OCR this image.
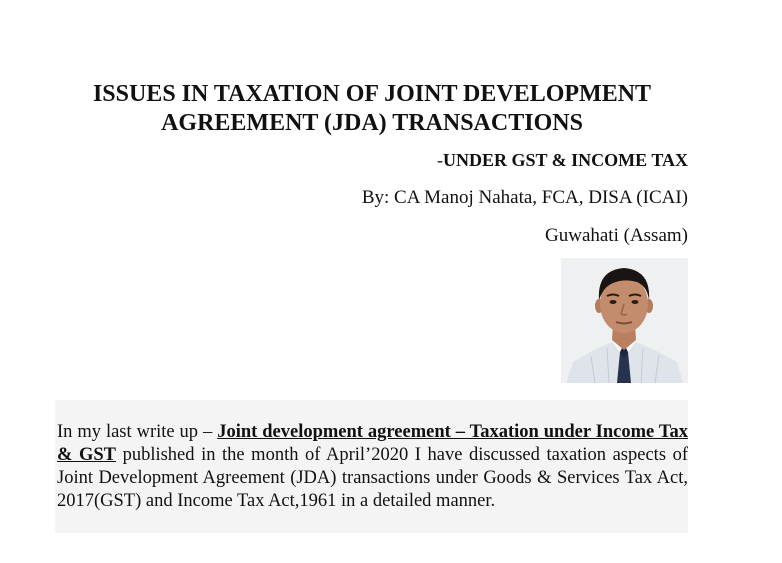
ISSUES IN TAXATION OF JOINT DEVELOPMENT
AGREEMENT (JDA) TRANSACTIONS

-UNDER GST & INCOME TAX

By: CA Manoj Nahata, FCA, DISA (ICAI)

Guwahati (Assam)

In my last write up – Joint development agreement – Taxation under Income Tax & GST published in the month of April’2020 I have discussed taxation aspects of Joint Development Agreement (JDA) transactions under Goods & Services Tax Act, 2017(GST) and Income Tax Act,1961 in a detailed manner.
